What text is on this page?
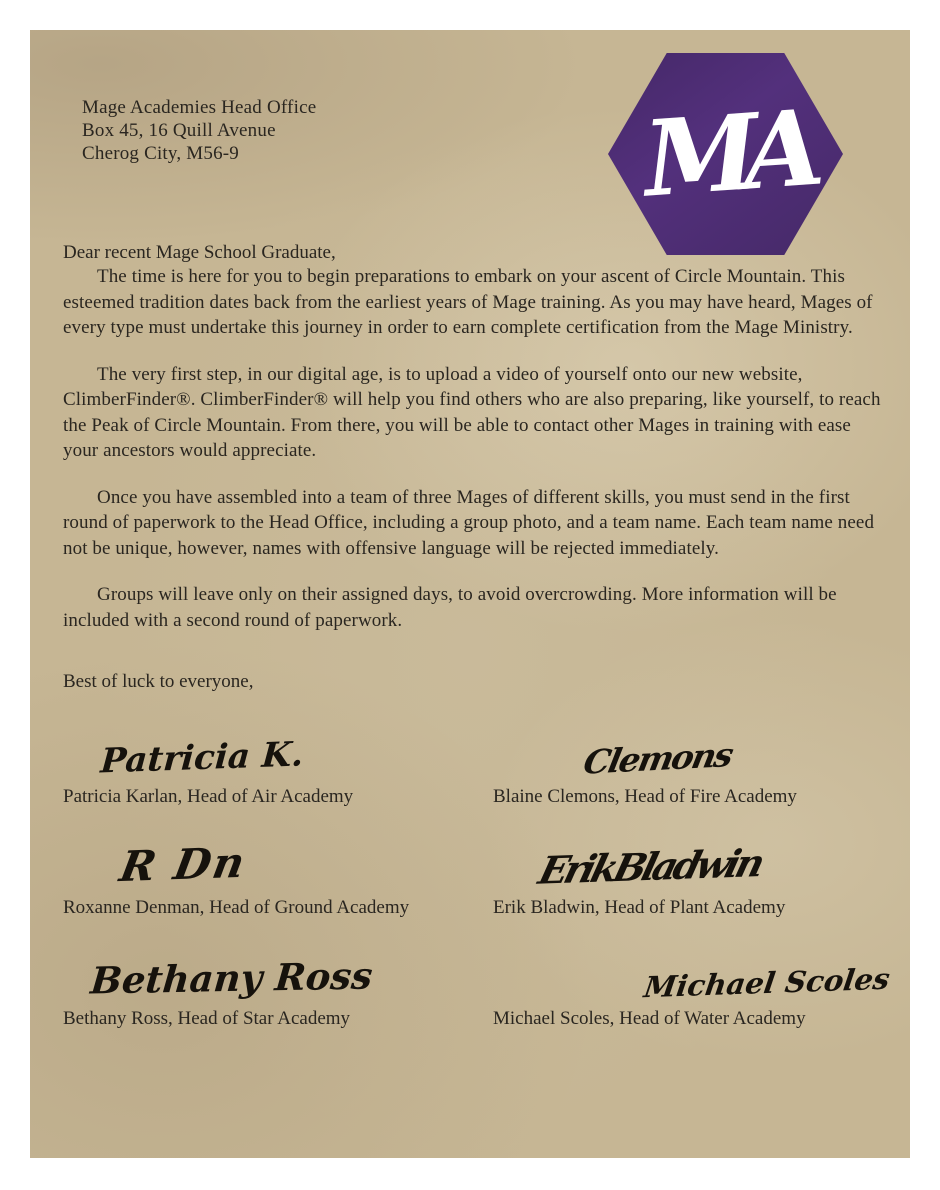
Mage Academies Head Office
Box 45, 16 Quill Avenue
Cherog City, M56-9	MA

Dear recent Mage School Graduate,

The time is here for you to begin preparations to embark on your ascent of Circle Mountain. This esteemed tradition dates back from the earliest years of Mage training. As you may have heard, Mages of every type must undertake this journey in order to earn complete certification from the Mage Ministry.

The very first step, in our digital age, is to upload a video of yourself onto our new website, ClimberFinder®. ClimberFinder® will help you find others who are also preparing, like yourself, to reach the Peak of Circle Mountain. From there, you will be able to contact other Mages in training with ease your ancestors would appreciate.

Once you have assembled into a team of three Mages of different skills, you must send in the first round of paperwork to the Head Office, including a group photo, and a team name. Each team name need not be unique, however, names with offensive language will be rejected immediately.

Groups will leave only on their assigned days, to avoid overcrowding. More information will be included with a second round of paperwork.

Best of luck to everyone,

Patricia K.
Patricia Karlan, Head of Air Academy
Clemons
Blaine Clemons, Head of Fire Academy
R Dn
Roxanne Denman, Head of Ground Academy
ErikBladwin
Erik Bladwin, Head of Plant Academy
Bethany Ross
Bethany Ross, Head of Star Academy
Michael Scoles
Michael Scoles, Head of Water Academy
